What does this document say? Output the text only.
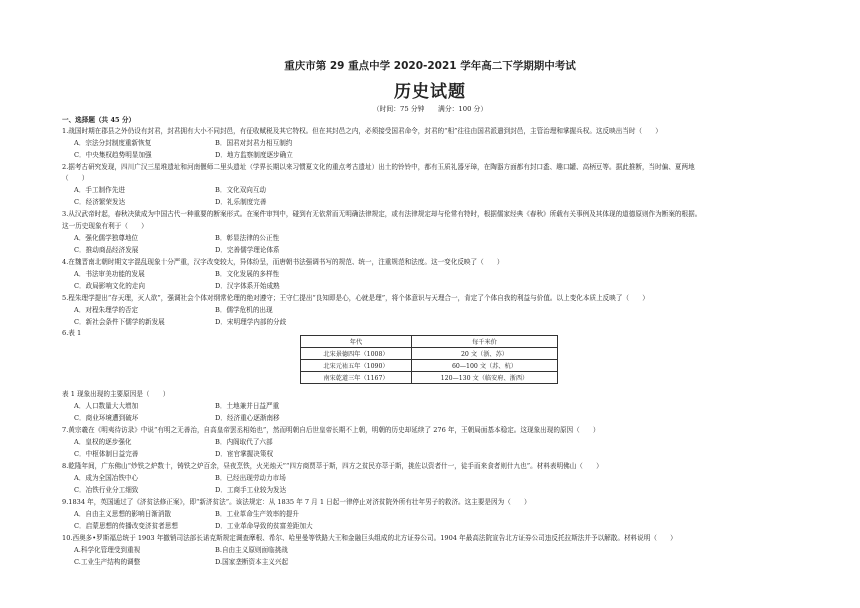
重庆市第 29 重点中学 2020-2021 学年高二下学期期中考试
历史试题
（时间：75 分钟　　满分：100 分）
一、选择题（共 45 分）
1.战国时期在郡县之外仍设有封君，封君拥有大小不同封邑，有征收赋税及其它特权。但在其封邑之内，必须接受国君命令，封君的“相”往往由国君派遣到封邑，主管治理和掌握兵权。这反映出当时（　　）
A．宗法分封制度重新恢复	B．国君对封君力相互制约
C．中央集权趋势明显加强	D．地方监察制度逐步确立
2.据考古研究发现，四川广汉三星堆遗址和河南偃师二里头遗址（学界长期以来习惯夏文化的重点考古遗址）出土的铃铃中，都有玉质礼器牙璋，在陶器方面都有封口盉、趣口罐、高柄豆等。据此推断，当时偏、夏两地
（　　）
A．手工制作先进	B．文化双向互动
C．经济繁荣发达	D．礼乐制度完善
3.从汉武帝时起，春秋决狱成为中国古代一种重要的断案形式。在案件审判中，碰到有无依常而无明确法律规定，或有法律规定却与伦常有特时，根据儒家经典《春秋》所载有关事例及其体现的道德原则作为断案的根据。
这一历史现象有利于（　　）
A．强化儒学独尊地位	B．彰显法律的公正性
C．推动商品经济发展	D．完善儒学理论体系
4.在魏晋南北朝时期文字混乱现象十分严重，汉字改变较大，异体纷呈，而唐朝书法强调书写的规范、统一，注重规范和法度。这一变化反映了（　　）
A．书法审美功能的发展	B．文化发展的多样性
C．政局影响文化的走向	D．汉字体系开始成熟
5.程朱理学提出“存天理，灭人欲”，强调社会个体对纲常伦理的绝对遵守；王守仁提出“良知即是心，心就是理”，将个体意识与天理合一，肯定了个体自我的利益与价值。以上变化本质上反映了（　　）
A．对程朱理学的否定	B．儒学危机的出现
C．新社会条件下儒学的新发展	D．宋明理学内部的分歧
6.表 1
年代	每千米价
北宋景德四年（1008）	20 文（浙、苏）
北宋元祐五年（1090）	60—100 文（苏、杭）
南宋乾道三年（1167）	120—130 文（临安府、浙西）
表 1 现象出现的主要原因是（　　）
A．人口数量大大增加	B．土地兼并日益严重
C．商业环境遭到破坏	D．经济重心逐渐南移
7.黄宗羲在《明夷待访录》中说“有明之无善治，自高皇帝罢丞相始也”，然而明朝自后世皇帝长期不上朝，明朝的历史却延续了 276 年，王朝局面基本稳定。这现象出现的原因（　　）
A．皇权的逐步强化	B．内阁取代了六部
C．中枢体制日益完善	D．宦官掌握决策权
8.乾隆年间，广东佛山“炒铁之炉数十，铸铁之炉百余，昼夜烹铁，火光烛天”“四方商贾萃于斯，四方之贫民亦萃于斯，挑佐以资者什一，徒手而来食者则什九也”。材料表明佛山（　　）
A．成为全国冶铁中心	B．已经出现劳动力市场
C．冶铁行业分工细致	D．工商手工业较为发达
9.1834 年，英国通过了《济贫法修正案》，即“新济贫法”。该法规定：从 1835 年 7 月 1 日起一律停止对济贫院外所有壮年男子的救济。这主要是因为（　　）
A．自由主义思想的影响日渐消散	B．工业革命生产效率的提升
C．启蒙思想的传播改变济贫者思想	D．工业革命导致的贫富差距加大
10.西奥多•罗斯福总统于 1903 年撤销司法部长诺克斯规定调查摩根、希尔、哈里曼等铁路大王和金融巨头组成的北方证券公司。1904 年最高法院宣告北方证券公司违反托拉斯法并予以解散。材料说明（　　）
A.科学化管理受到重视	B.自由主义原则面临挑战
C.工业生产结构的调整	D.国家垄断资本主义兴起
